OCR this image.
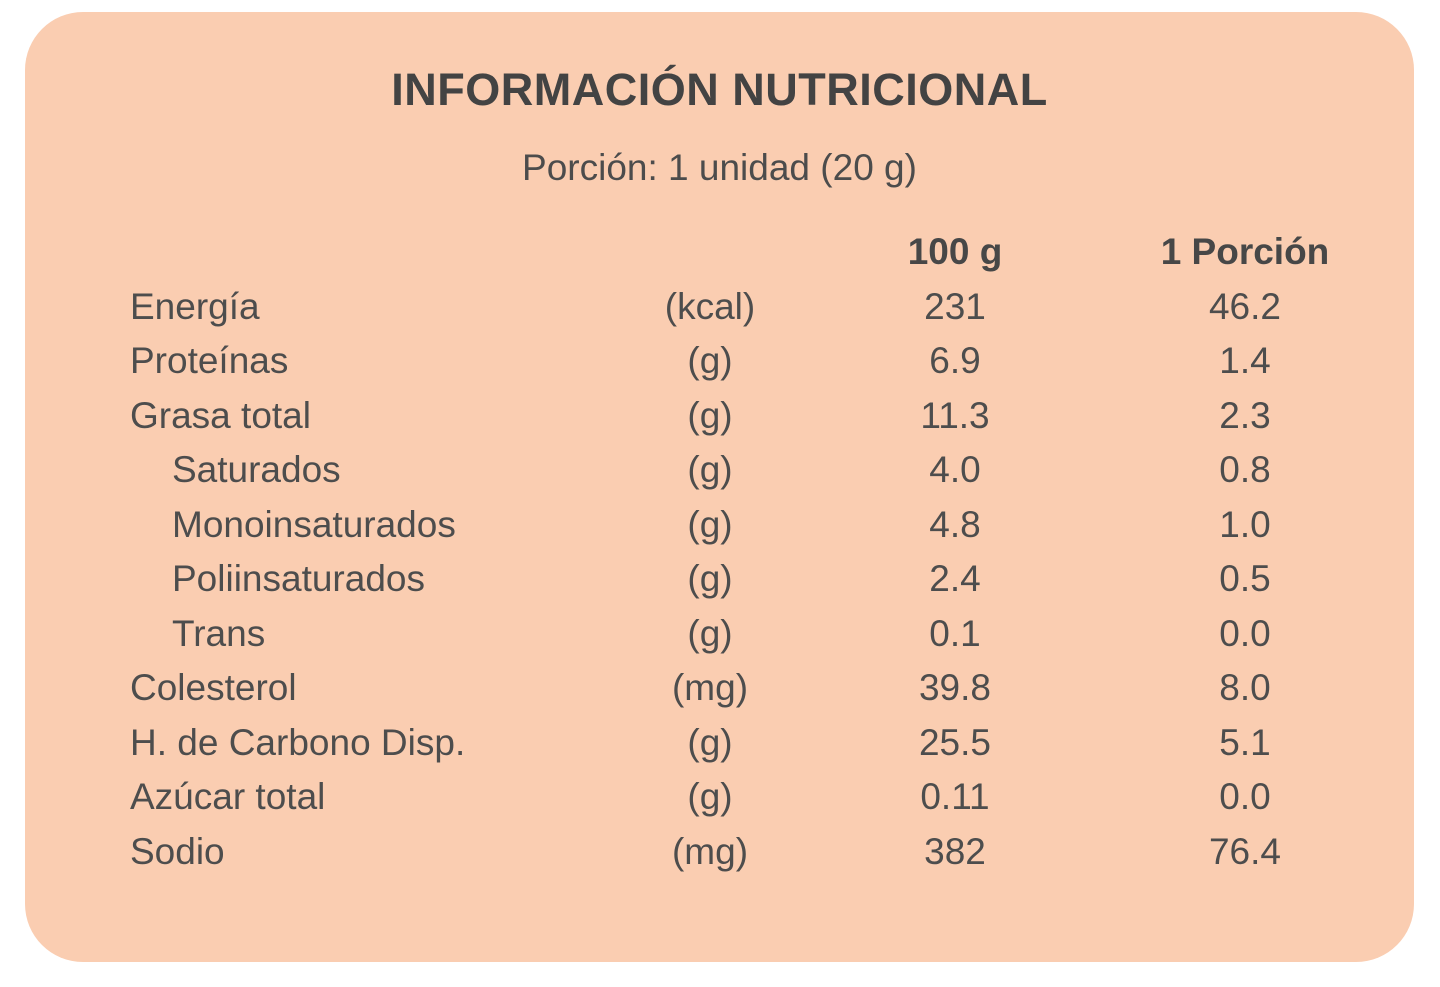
INFORMACIÓN NUTRICIONAL
Porción: 1 unidad (20 g)
100 g	1 Porción
Energía	(kcal)	231	46.2
Proteínas	(g)	6.9	1.4
Grasa total	(g)	11.3	2.3
Saturados	(g)	4.0	0.8
Monoinsaturados	(g)	4.8	1.0
Poliinsaturados	(g)	2.4	0.5
Trans	(g)	0.1	0.0
Colesterol	(mg)	39.8	8.0
H. de Carbono Disp.	(g)	25.5	5.1
Azúcar total	(g)	0.11	0.0
Sodio	(mg)	382	76.4
